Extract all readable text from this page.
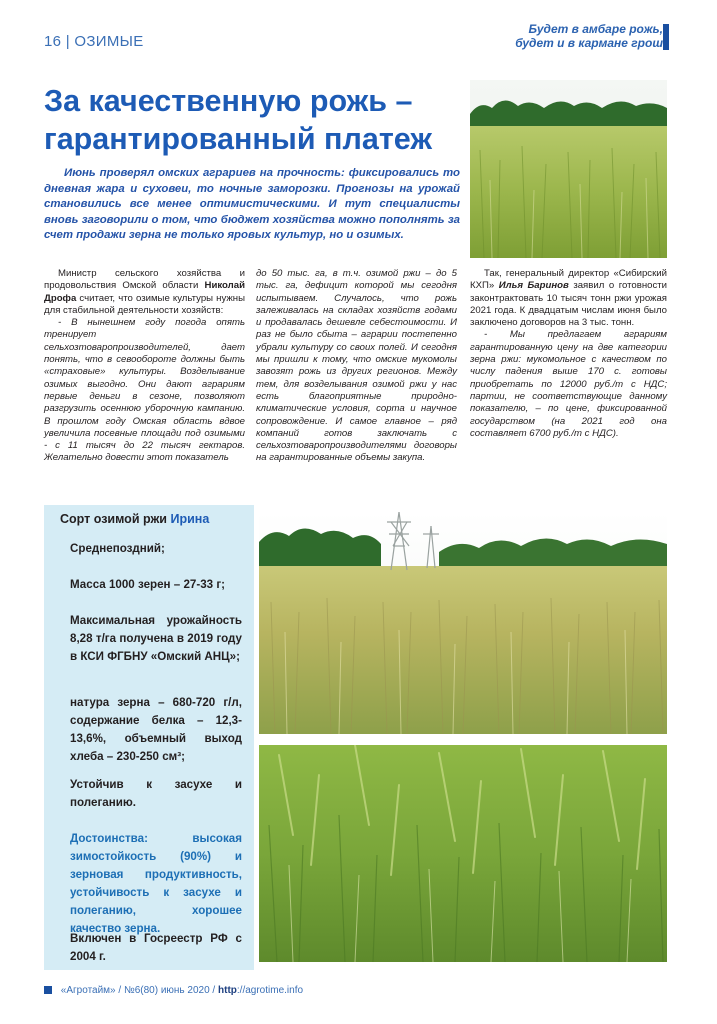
16 | ОЗИМЫЕ
Будет в амбаре рожь,
будет и в кармане грош
За качественную рожь – гарантированный платеж

Июнь проверял омских аграриев на прочность: фиксировались то дневная жара и суховеи, то ночные заморозки. Прогнозы на урожай становились все менее оптимистическими. И тут специалисты вновь заговорили о том, что бюджет хозяйства можно пополнять за счет продажи зерна не только яровых культур, но и озимых.

Министр сельского хозяйства и продовольствия Омской области Николай Дрофа считает, что озимые культуры нужны для стабильной деятельности хозяйств:

- В нынешнем году погода опять тренирует сельхозтоваропроизводителей, дает понять, что в севообороте должны быть «страховые» культуры. Возделывание озимых выгодно. Они дают аграриям первые деньги в сезоне, позволяют разгрузить осеннюю уборочную кампанию. В прошлом году Омская область вдвое увеличила посевные площади под озимыми - с 11 тысяч до 22 тысяч гектаров. Желательно довести этот показатель

до 50 тыс. га, в т.ч. озимой ржи – до 5 тыс. га, дефицит которой мы сегодня испытываем. Случалось, что рожь залеживалась на складах хозяйств годами и продавалась дешевле себестоимости. И раз не было сбыта – аграрии постепенно убрали культуру со своих полей. И сегодня мы пришли к тому, что омские мукомолы завозят рожь из других регионов. Между тем, для возделывания озимой ржи у нас есть благоприятные природно-климатические условия, сорта и научное сопровождение. И самое главное – ряд компаний готов заключать с сельхозтоваропроизводителями договоры на гарантированные объемы закупа.

Так, генеральный директор «Сибирский КХП» Илья Баринов заявил о готовности законтрактовать 10 тысяч тонн ржи урожая 2021 года. К двадцатым числам июня было заключено договоров на 3 тыс. тонн.

- Мы предлагаем аграриям гарантированную цену на две категории зерна ржи: мукомольное с качеством по числу падения выше 170 с. готовы приобретать по 12000 руб./т с НДС; партии, не соответствующие данному показателю, – по цене, фиксированной государством (на 2021 год она составляет 6700 руб./т с НДС).

Сорт озимой ржи Ирина

Среднепоздний;

Масса 1000 зерен – 27-33 г;

Максимальная урожайность 8,28 т/га получена в 2019 году в КСИ ФГБНУ «Омский АНЦ»;

натура зерна – 680-720 г/л, содержание белка – 12,3-13,6%, объемный выход хлеба – 230-250 см³;

Устойчив к засухе и полеганию.

Достоинства: высокая зимостойкость (90%) и зерновая продуктивность, устойчивость к засухе и полеганию, хорошее качество зерна.

Включен в Госреестр РФ с 2004 г.

«Агротайм» / №6(80) июнь 2020 / http://agrotime.info
